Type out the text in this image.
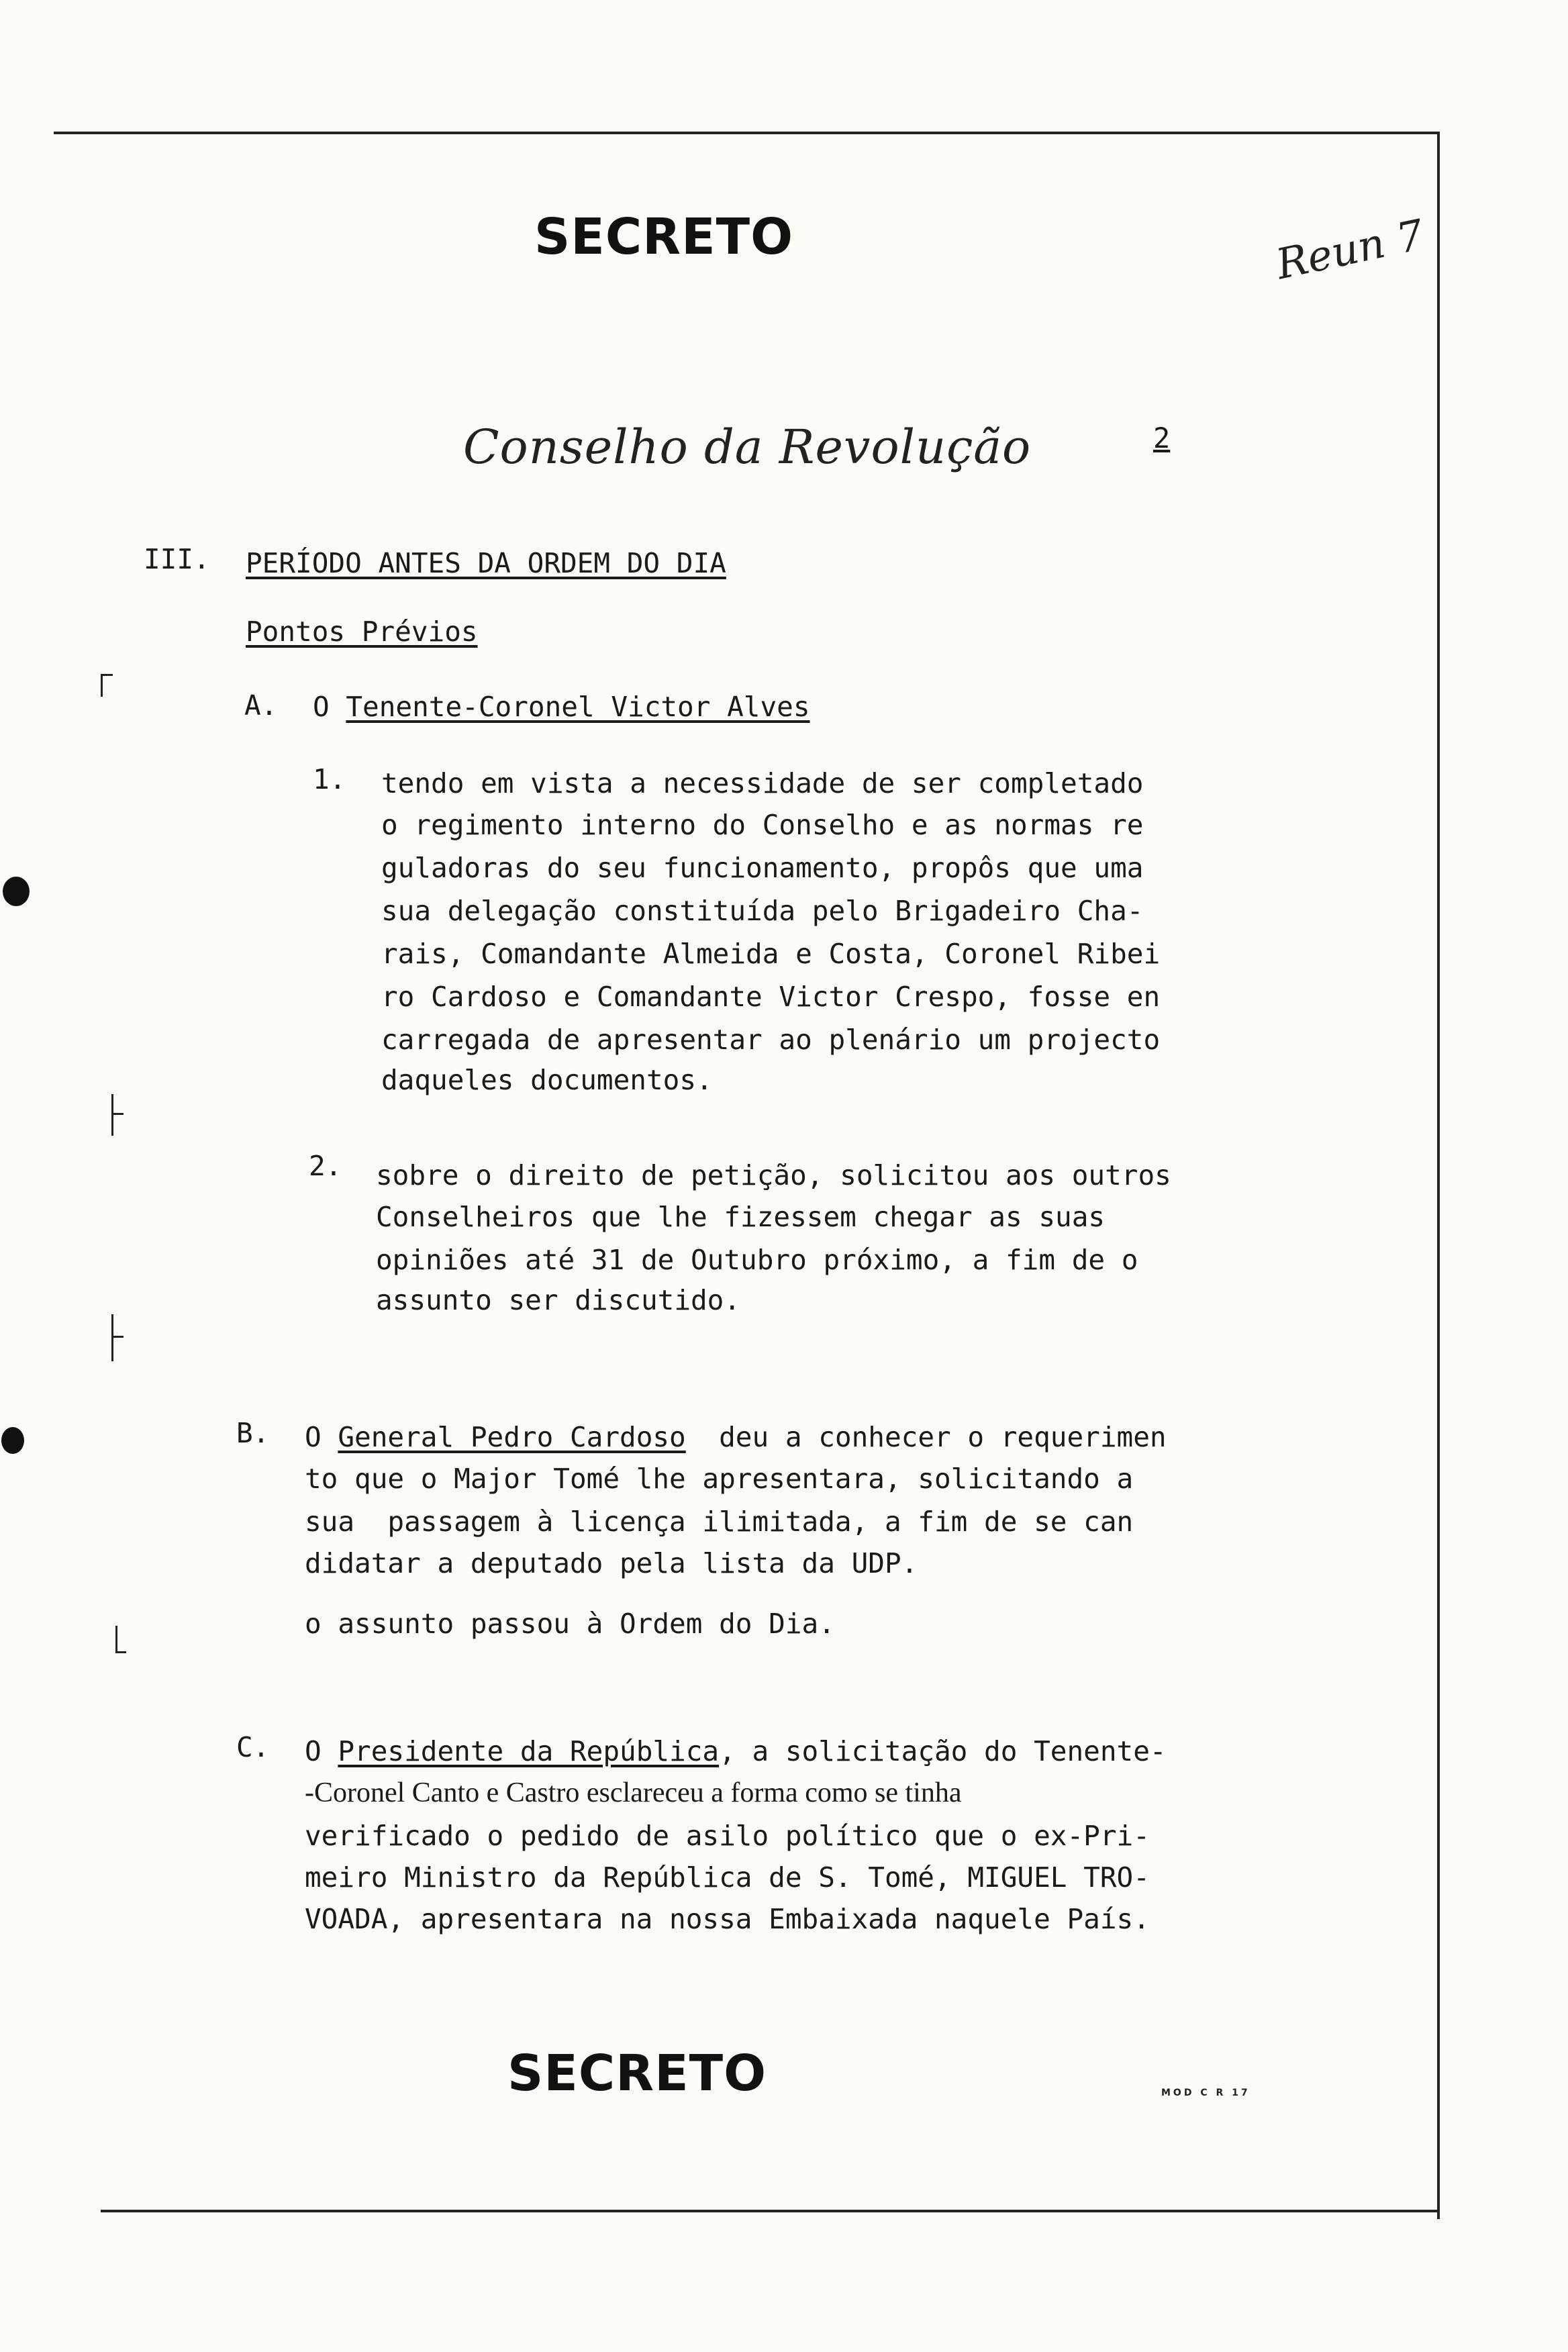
SECRETO	Reun 7
Conselho da Revolução	2
III. PERÍODO ANTES DA ORDEM DO DIA
Pontos Prévios
A. O Tenente-Coronel Victor Alves
1. tendo em vista a necessidade de ser completado
o regimento interno do Conselho e as normas re
guladoras do seu funcionamento, propôs que uma
sua delegação constituída pelo Brigadeiro Cha-
rais, Comandante Almeida e Costa, Coronel Ribei
ro Cardoso e Comandante Victor Crespo, fosse en
carregada de apresentar ao plenário um projecto
daqueles documentos.
2. sobre o direito de petição, solicitou aos outros
Conselheiros que lhe fizessem chegar as suas
opiniões até 31 de Outubro próximo, a fim de o
assunto ser discutido.
B. O General Pedro Cardoso  deu a conhecer o requerimen
to que o Major Tomé lhe apresentara, solicitando a
sua  passagem à licença ilimitada, a fim de se can
didatar a deputado pela lista da UDP.
o assunto passou à Ordem do Dia.
C. O Presidente da República, a solicitação do Tenente-
-Coronel Canto e Castro esclareceu a forma como se tinha
verificado o pedido de asilo político que o ex-Pri-
meiro Ministro da República de S. Tomé, MIGUEL TRO-
VOADA, apresentara na nossa Embaixada naquele País.
SECRETO	MOD C R 17
